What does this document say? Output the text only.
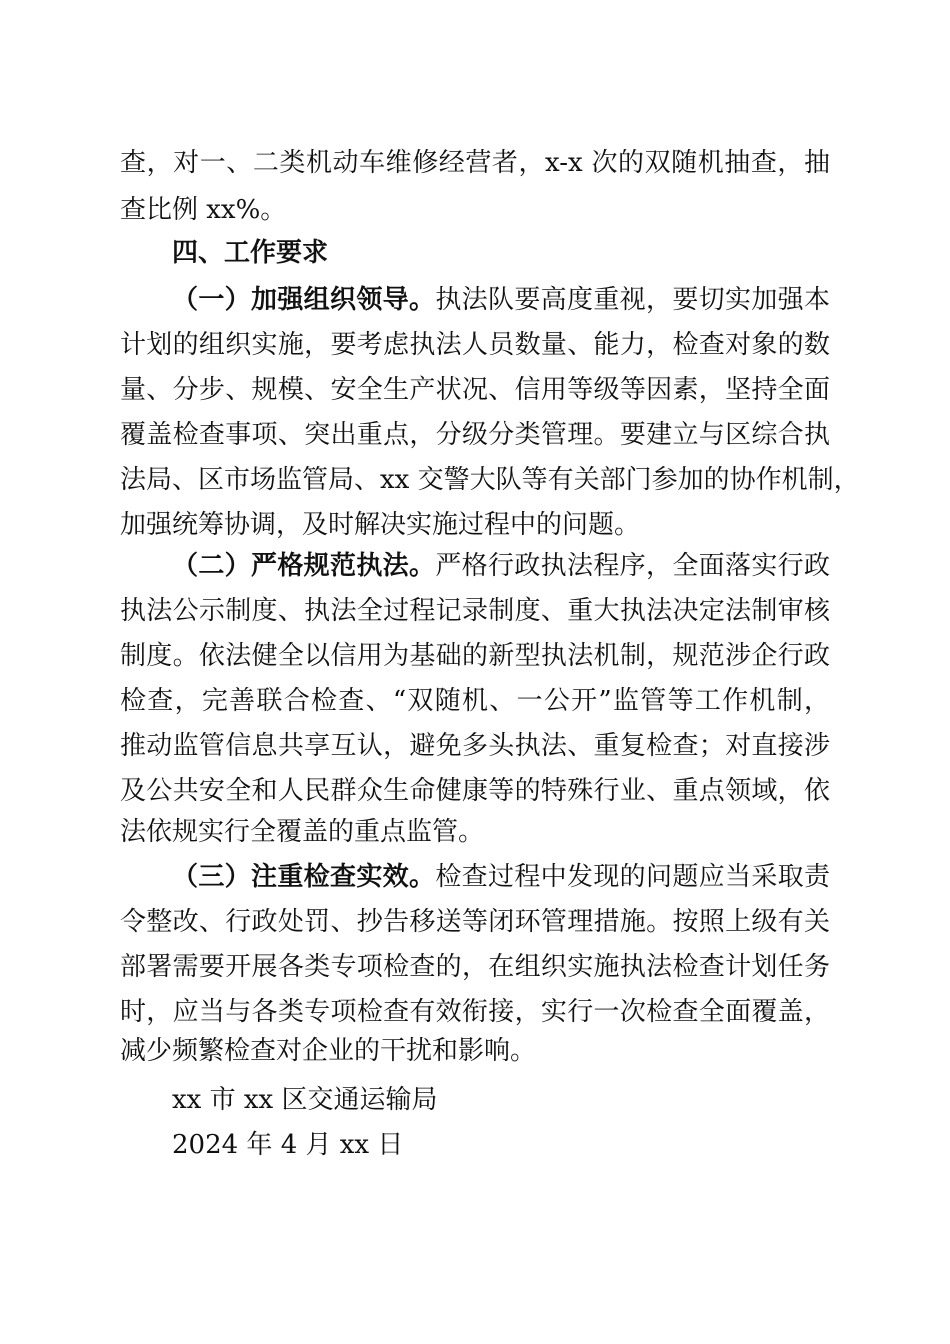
查，对一、二类机动车维修经营者，x-x 次的双随机抽查，抽
查比例 xx%。
四、工作要求
（一）加强组织领导。执法队要高度重视，要切实加强本
计划的组织实施，要考虑执法人员数量、能力，检查对象的数
量、分步、规模、安全生产状况、信用等级等因素，坚持全面
覆盖检查事项、突出重点，分级分类管理。要建立与区综合执
法局、区市场监管局、xx 交警大队等有关部门参加的协作机制，
加强统筹协调，及时解决实施过程中的问题。
（二）严格规范执法。严格行政执法程序，全面落实行政
执法公示制度、执法全过程记录制度、重大执法决定法制审核
制度。依法健全以信用为基础的新型执法机制，规范涉企行政
检查，完善联合检查、“双随机、一公开”监管等工作机制，
推动监管信息共享互认，避免多头执法、重复检查；对直接涉
及公共安全和人民群众生命健康等的特殊行业、重点领域，依
法依规实行全覆盖的重点监管。
（三）注重检查实效。检查过程中发现的问题应当采取责
令整改、行政处罚、抄告移送等闭环管理措施。按照上级有关
部署需要开展各类专项检查的，在组织实施执法检查计划任务
时，应当与各类专项检查有效衔接，实行一次检查全面覆盖，
减少频繁检查对企业的干扰和影响。
xx 市 xx 区交通运输局
2024 年 4 月 xx 日
